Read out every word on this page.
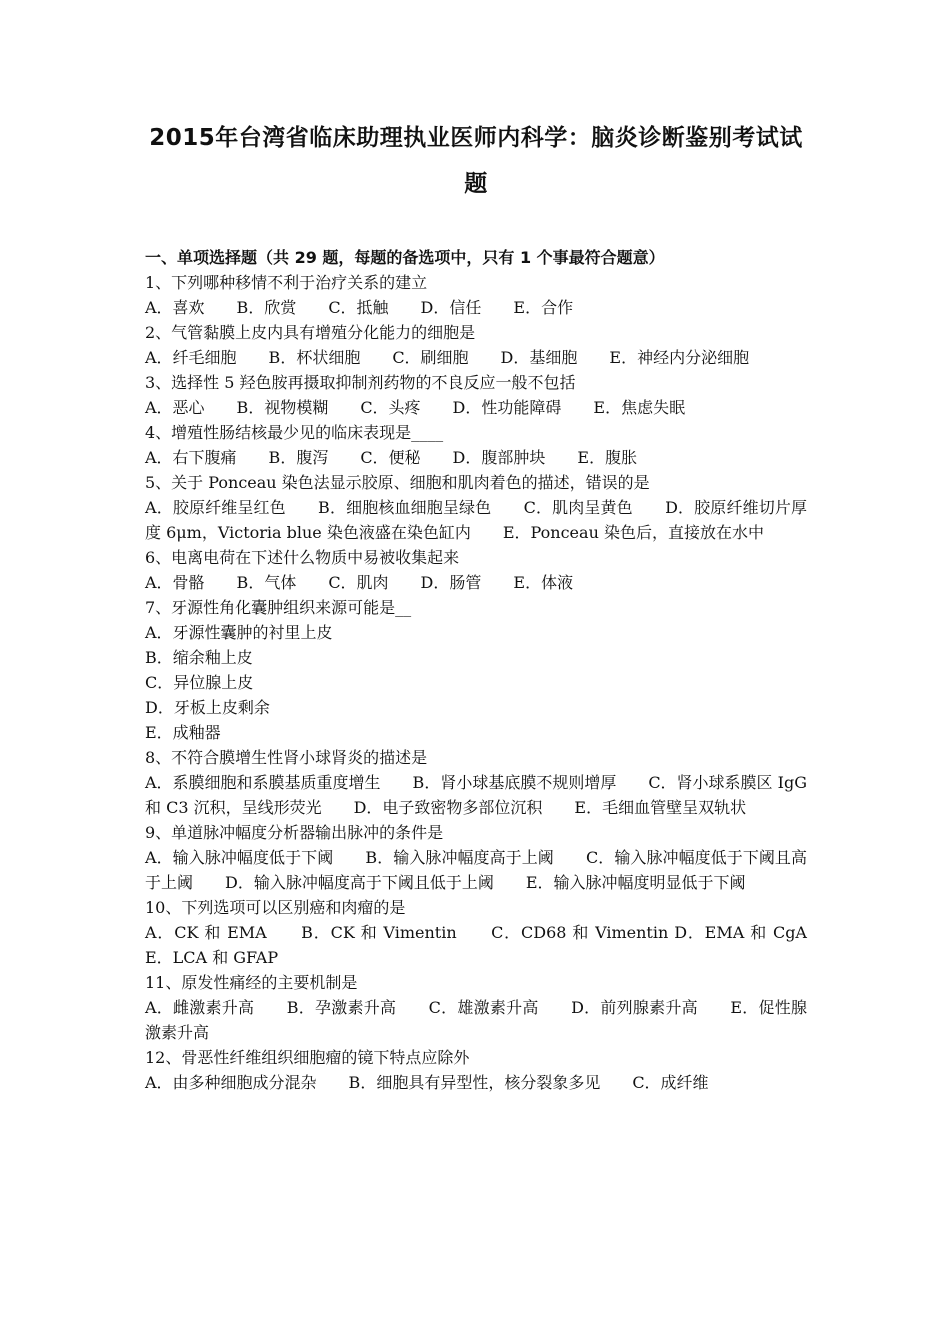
2015年台湾省临床助理执业医师内科学：脑炎诊断鉴别考试试题

一、单项选择题（共 29 题，每题的备选项中，只有 1 个事最符合题意）

1、下列哪种移情不利于治疗关系的建立

A．喜欢　　B．欣赏　　C．抵触　　D．信任　　E．合作

2、气管黏膜上皮内具有增殖分化能力的细胞是

A．纤毛细胞　　B．杯状细胞　　C．刷细胞　　D．基细胞　　E．神经内分泌细胞

3、选择性 5 羟色胺再摄取抑制剂药物的不良反应一般不包括

A．恶心　　B．视物模糊　　C．头疼　　D．性功能障碍　　E．焦虑失眠

4、增殖性肠结核最少见的临床表现是____

A．右下腹痛　　B．腹泻　　C．便秘　　D．腹部肿块　　E．腹胀

5、关于 Ponceau 染色法显示胶原、细胞和肌肉着色的描述，错误的是

A．胶原纤维呈红色　　B．细胞核血细胞呈绿色　　C．肌肉呈黄色　　D．胶原纤维切片厚度 6μm，Victoria blue 染色液盛在染色缸内　　E．Ponceau 染色后，直接放在水中

6、电离电荷在下述什么物质中易被收集起来

A．骨骼　　B．气体　　C．肌肉　　D．肠管　　E．体液

7、牙源性角化囊肿组织来源可能是__

A．牙源性囊肿的衬里上皮
B．缩余釉上皮
C．异位腺上皮
D．牙板上皮剩余
E．成釉器

8、不符合膜增生性肾小球肾炎的描述是

A．系膜细胞和系膜基质重度增生　　B．肾小球基底膜不规则增厚　　C．肾小球系膜区 IgG 和 C3 沉积，呈线形荧光　　D．电子致密物多部位沉积　　E．毛细血管壁呈双轨状

9、单道脉冲幅度分析器输出脉冲的条件是

A．输入脉冲幅度低于下阈　　B．输入脉冲幅度高于上阈　　C．输入脉冲幅度低于下阈且高于上阈　　D．输入脉冲幅度高于下阈且低于上阈　　E．输入脉冲幅度明显低于下阈

10、下列选项可以区别癌和肉瘤的是

A．CK 和 EMA　　B．CK 和 Vimentin　　C．CD68 和 Vimentin D．EMA 和 CgA　　E．LCA 和 GFAP

11、原发性痛经的主要机制是

A．雌激素升高　　B．孕激素升高　　C．雄激素升高　　D．前列腺素升高　　E．促性腺激素升高

12、骨恶性纤维组织细胞瘤的镜下特点应除外

A．由多种细胞成分混杂　　B．细胞具有异型性，核分裂象多见　　C．成纤维
